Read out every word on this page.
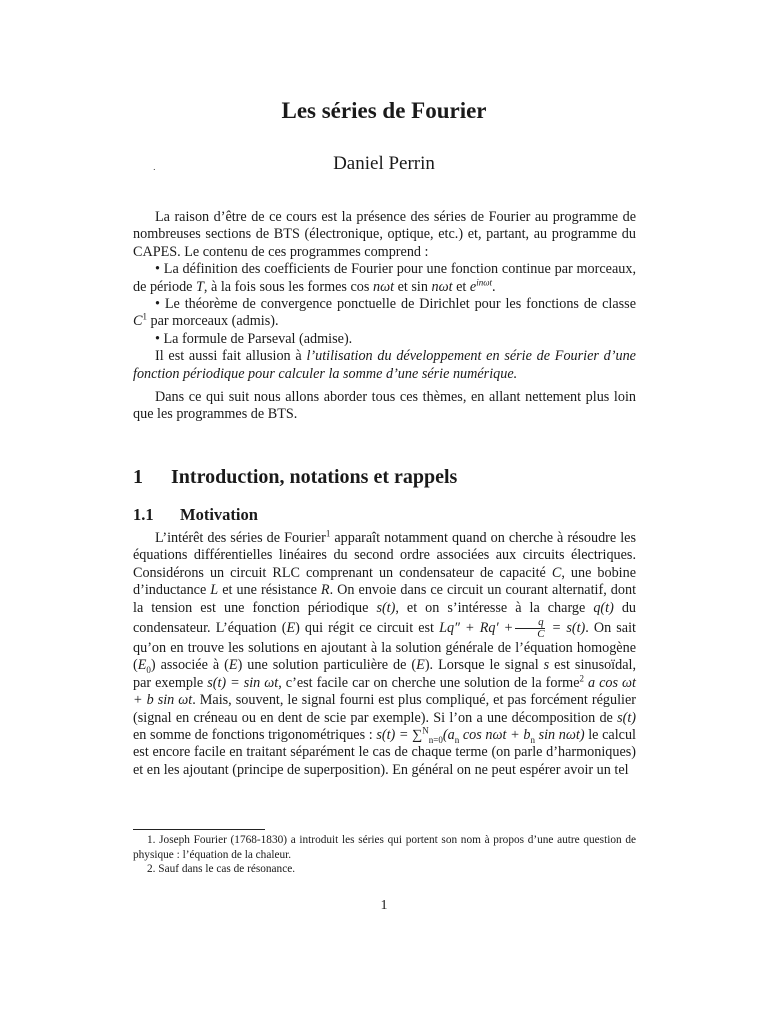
Les séries de Fourier
Daniel Perrin
.

La raison d’être de ce cours est la présence des séries de Fourier au programme de nombreuses sections de BTS (électronique, optique, etc.) et, partant, au programme du CAPES. Le contenu de ces programmes comprend :

• La définition des coefficients de Fourier pour une fonction continue par morceaux, de période T, à la fois sous les formes cos nωt et sin nωt et $e^{in\omega t}$.

• Le théorème de convergence ponctuelle de Dirichlet pour les fonctions de classe $C^1$ par morceaux (admis).

• La formule de Parseval (admise).

Il est aussi fait allusion à l’utilisation du développement en série de Fourier d’une fonction périodique pour calculer la somme d’une série numérique.

Dans ce qui suit nous allons aborder tous ces thèmes, en allant nettement plus loin que les programmes de BTS.

1 Introduction, notations et rappels
1.1 Motivation

L’intérêt des séries de Fourier$^1$ apparaît notamment quand on cherche à résoudre les équations différentielles linéaires du second ordre associées aux circuits électriques. Considérons un circuit RLC comprenant un condensateur de capacité C, une bobine d’inductance L et une résistance R. On envoie dans ce circuit un courant alternatif, dont la tension est une fonction périodique s(t), et on s’intéresse à la charge q(t) du condensateur. L’équation (E) qui régit ce circuit est $Lq'' + Rq' + \frac{q}{C} = s(t)$. On sait qu’on en trouve les solutions en ajoutant à la solution générale de l’équation homogène $(E_0)$ associée à (E) une solution particulière de (E). Lorsque le signal s est sinusoïdal, par exemple s(t) = sin ωt, c’est facile car on cherche une solution de la forme$^2$ a cos ωt + b sin ωt. Mais, souvent, le signal fourni est plus compliqué, et pas forcément régulier (signal en créneau ou en dent de scie par exemple). Si l’on a une décomposition de s(t) en somme de fonctions trigonométriques : $s(t) = \sum^N_{n=0}(a_n$ $\cos n\omega t + b_n$ sin nωt) le calcul est encore facile en traitant séparément le cas de chaque terme (on parle d’harmoniques) et en les ajoutant (principe de superposition). En général on ne peut espérer avoir un tel

1. Joseph Fourier (1768-1830) a introduit les séries qui portent son nom à propos d’une autre question de physique : l’équation de la chaleur.

2. Sauf dans le cas de résonance.

1
